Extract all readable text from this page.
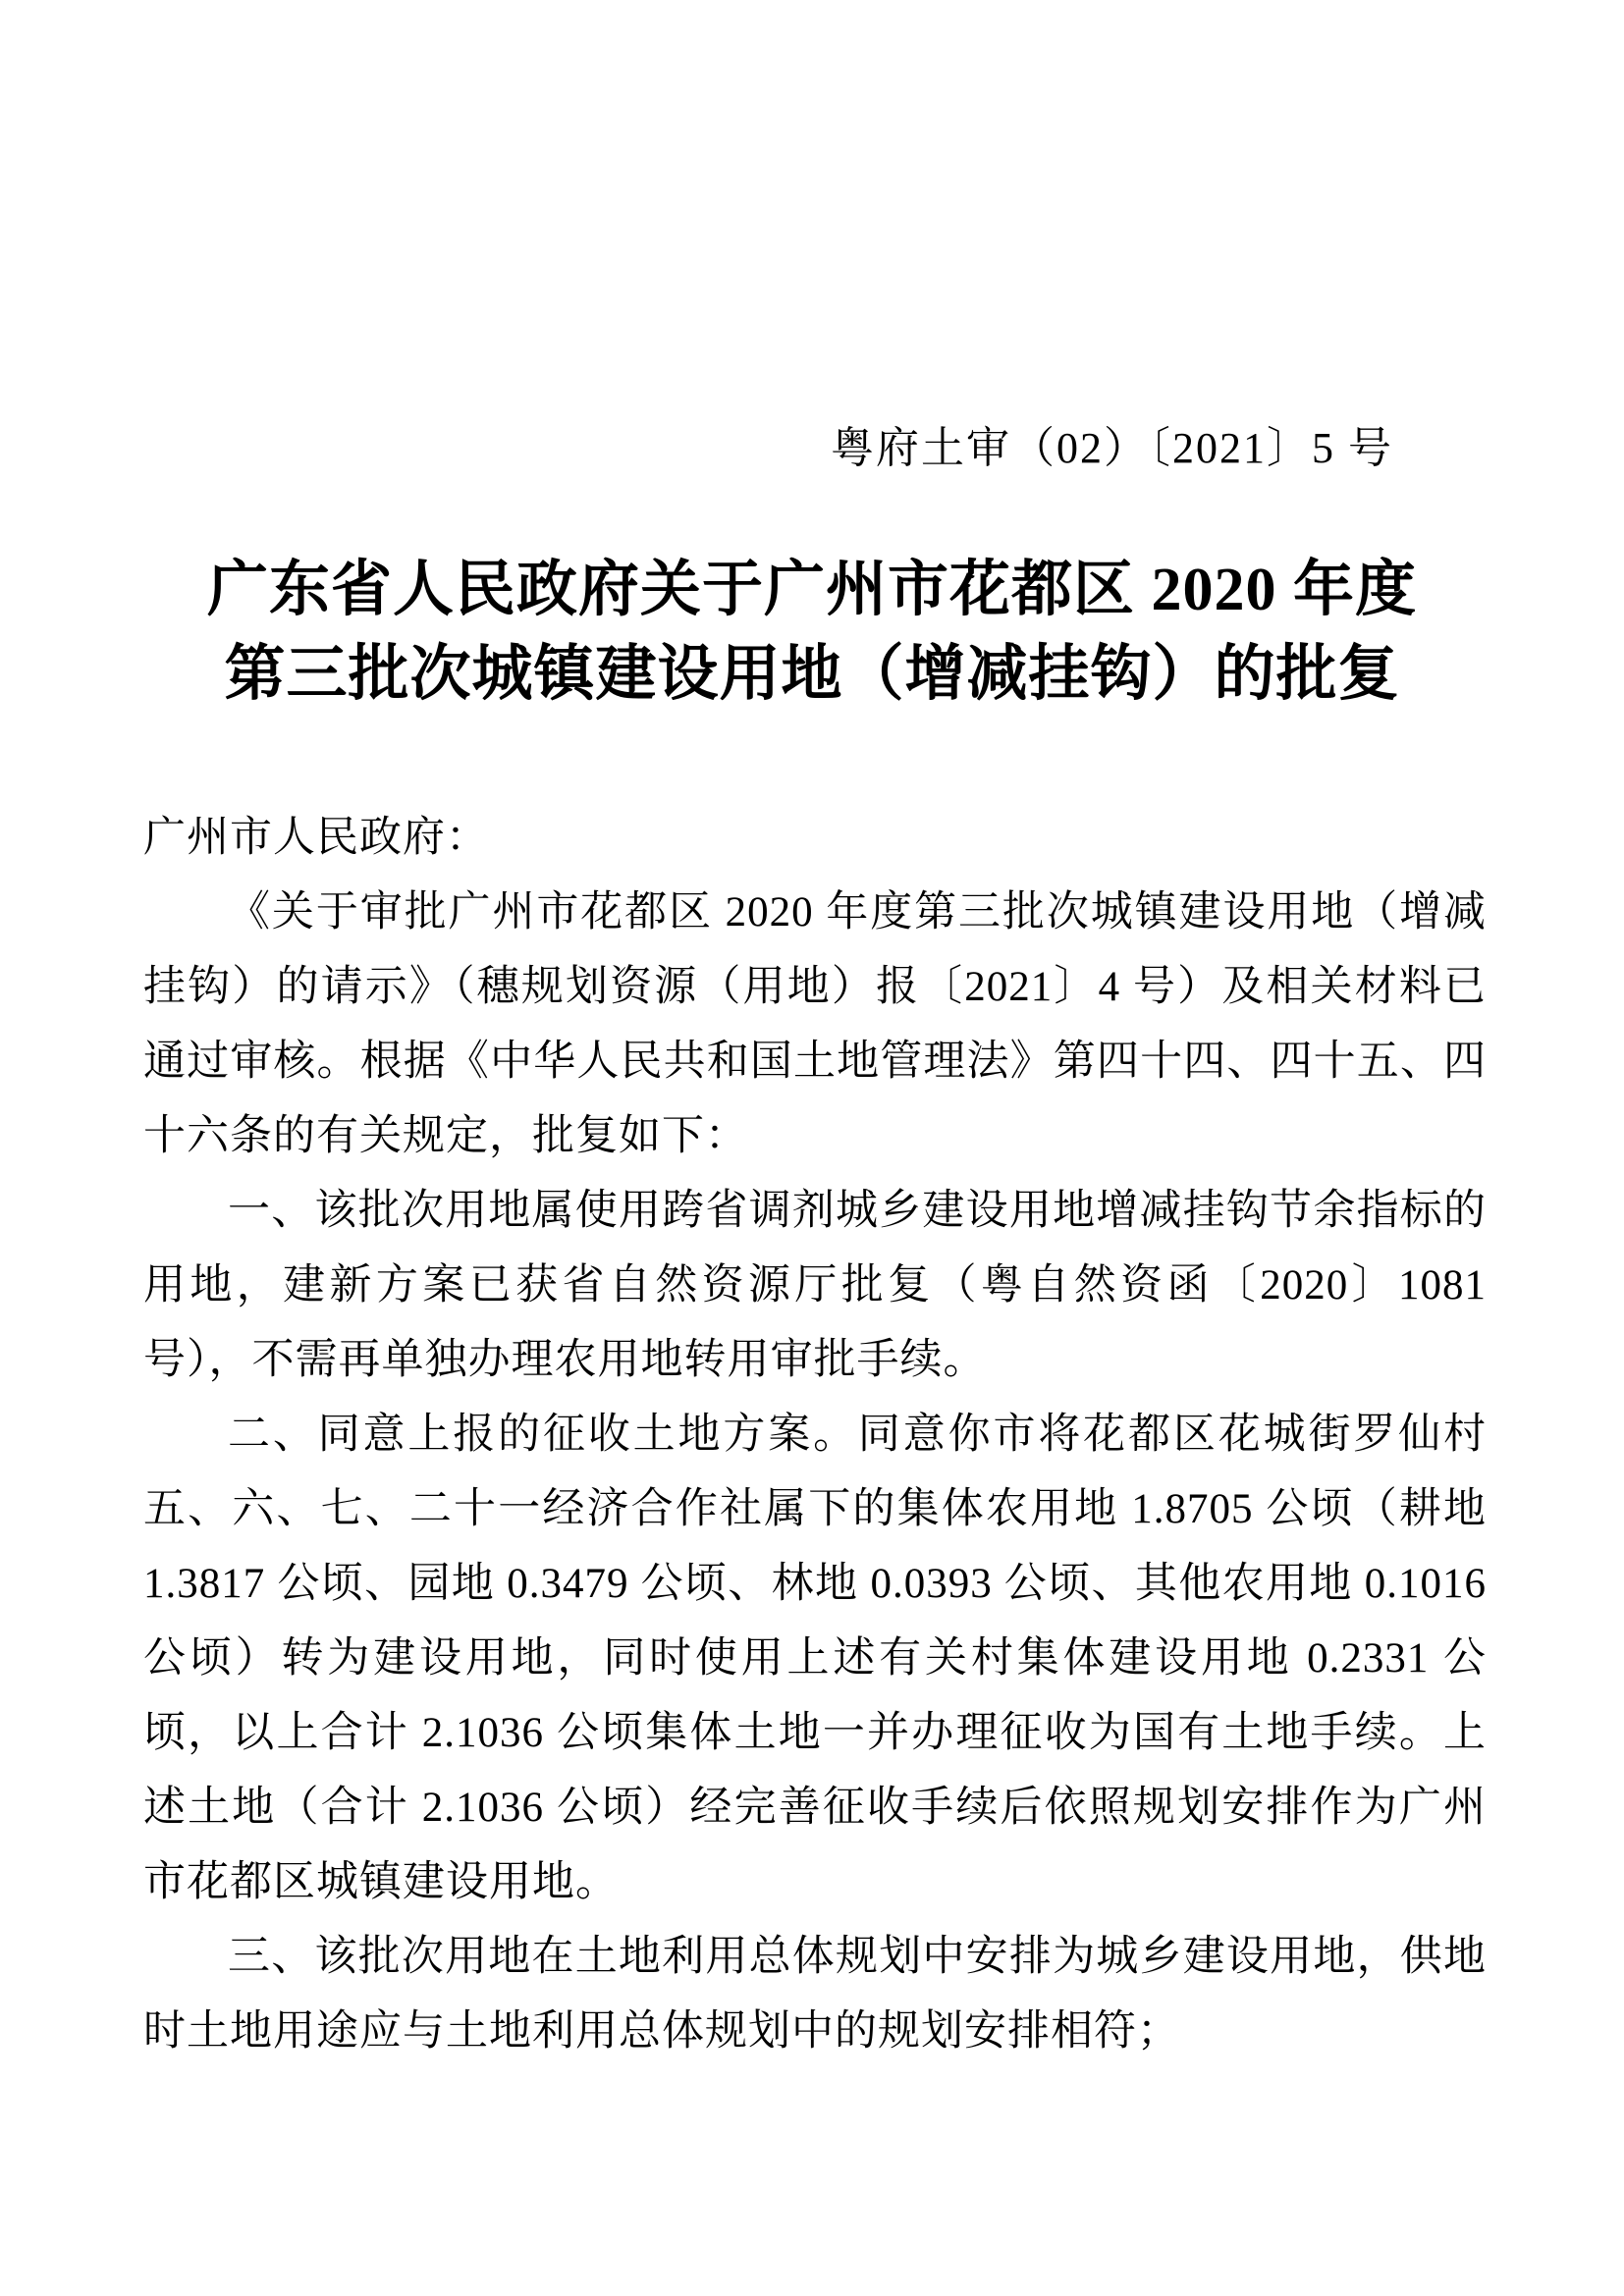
粤府土审（02）〔2021〕5 号
广东省人民政府关于广州市花都区 2020 年度
第三批次城镇建设用地（增减挂钩）的批复

广州市人民政府：

《关于审批广州市花都区 2020 年度第三批次城镇建设用地（增减挂钩）的请示》（穗规划资源（用地）报〔2021〕4 号）及相关材料已通过审核。根据《中华人民共和国土地管理法》第四十四、四十五、四十六条的有关规定，批复如下：

一、该批次用地属使用跨省调剂城乡建设用地增减挂钩节余指标的用地，建新方案已获省自然资源厅批复（粤自然资函〔2020〕1081 号），不需再单独办理农用地转用审批手续。

二、同意上报的征收土地方案。同意你市将花都区花城街罗仙村五、六、七、二十一经济合作社属下的集体农用地 1.8705 公顷（耕地 1.3817 公顷、园地 0.3479 公顷、林地 0.0393 公顷、其他农用地 0.1016 公顷）转为建设用地，同时使用上述有关村集体建设用地 0.2331 公顷，以上合计 2.1036 公顷集体土地一并办理征收为国有土地手续。上述土地（合计 2.1036 公顷）经完善征收手续后依照规划安排作为广州市花都区城镇建设用地。

三、该批次用地在土地利用总体规划中安排为城乡建设用地，供地时土地用途应与土地利用总体规划中的规划安排相符；
